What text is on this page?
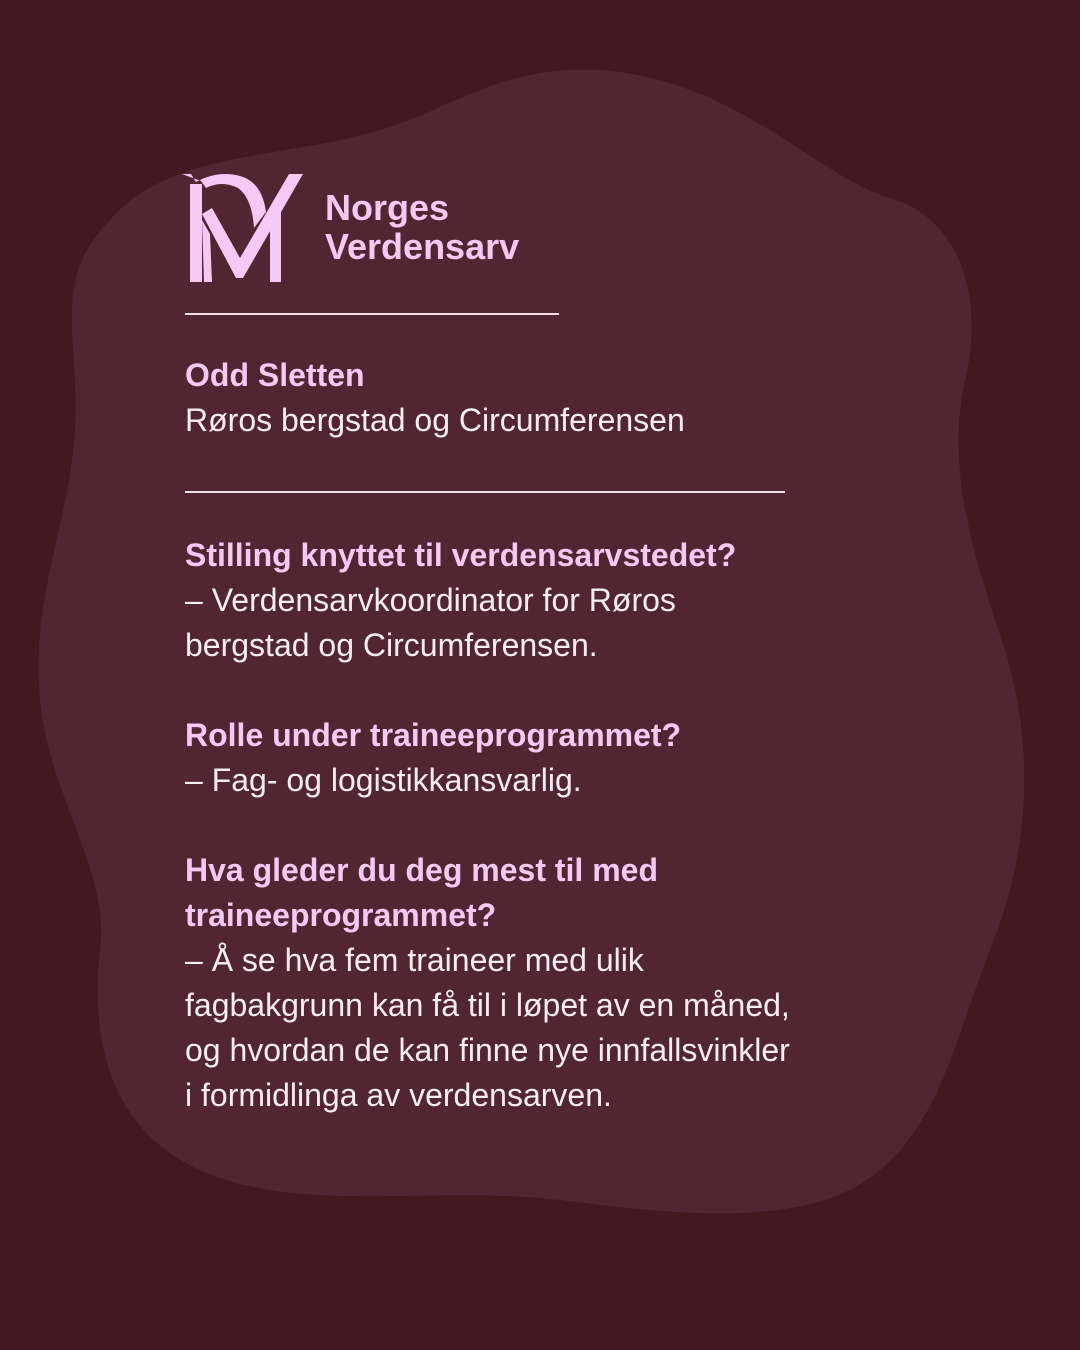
Norges
Verdensarv
Odd Sletten
Røros bergstad og Circumferensen
Stilling knyttet til verdensarvstedet?
– Verdensarvkoordinator for Røros
bergstad og Circumferensen.
Rolle under traineeprogrammet?
– Fag- og logistikkansvarlig.
Hva gleder du deg mest til med
traineeprogrammet?
– Å se hva fem traineer med ulik
fagbakgrunn kan få til i løpet av en måned,
og hvordan de kan finne nye innfallsvinkler
i formidlinga av verdensarven.
